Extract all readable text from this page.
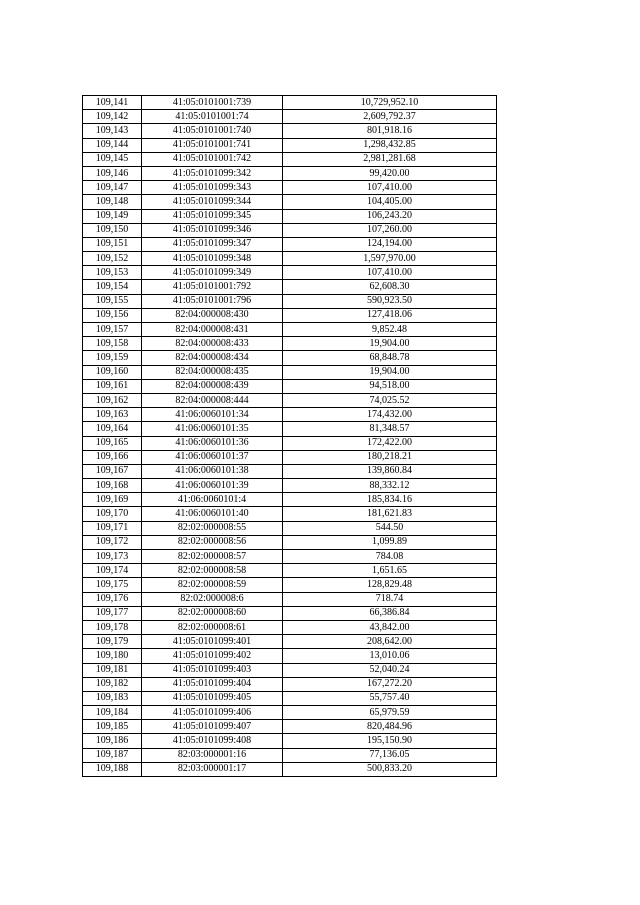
109,141	41:05:0101001:739	10,729,952.10
109,142	41:05:0101001:74	2,609,792.37
109,143	41:05:0101001:740	801,918.16
109,144	41:05:0101001:741	1,298,432.85
109,145	41:05:0101001:742	2,981,281.68
109,146	41:05:0101099:342	99,420.00
109,147	41:05:0101099:343	107,410.00
109,148	41:05:0101099:344	104,405.00
109,149	41:05:0101099:345	106,243.20
109,150	41:05:0101099:346	107,260.00
109,151	41:05:0101099:347	124,194.00
109,152	41:05:0101099:348	1,597,970.00
109,153	41:05:0101099:349	107,410.00
109,154	41:05:0101001:792	62,608.30
109,155	41:05:0101001:796	590,923.50
109,156	82:04:000008:430	127,418.06
109,157	82:04:000008:431	9,852.48
109,158	82:04:000008:433	19,904.00
109,159	82:04:000008:434	68,848.78
109,160	82:04:000008:435	19,904.00
109,161	82:04:000008:439	94,518.00
109,162	82:04:000008:444	74,025.52
109,163	41:06:0060101:34	174,432.00
109,164	41:06:0060101:35	81,348.57
109,165	41:06:0060101:36	172,422.00
109,166	41:06:0060101:37	180,218.21
109,167	41:06:0060101:38	139,860.84
109,168	41:06:0060101:39	88,332.12
109,169	41:06:0060101:4	185,834.16
109,170	41:06:0060101:40	181,621.83
109,171	82:02:000008:55	544.50
109,172	82:02:000008:56	1,099.89
109,173	82:02:000008:57	784.08
109,174	82:02:000008:58	1,651.65
109,175	82:02:000008:59	128,829.48
109,176	82:02:000008:6	718.74
109,177	82:02:000008:60	66,386.84
109,178	82:02:000008:61	43,842.00
109,179	41:05:0101099:401	208,642.00
109,180	41:05:0101099:402	13,010.06
109,181	41:05:0101099:403	52,040.24
109,182	41:05:0101099:404	167,272.20
109,183	41:05:0101099:405	55,757.40
109,184	41:05:0101099:406	65,979.59
109,185	41:05:0101099:407	820,484.96
109,186	41:05:0101099:408	195,150.90
109,187	82:03:000001:16	77,136.05
109,188	82:03:000001:17	500,833.20
